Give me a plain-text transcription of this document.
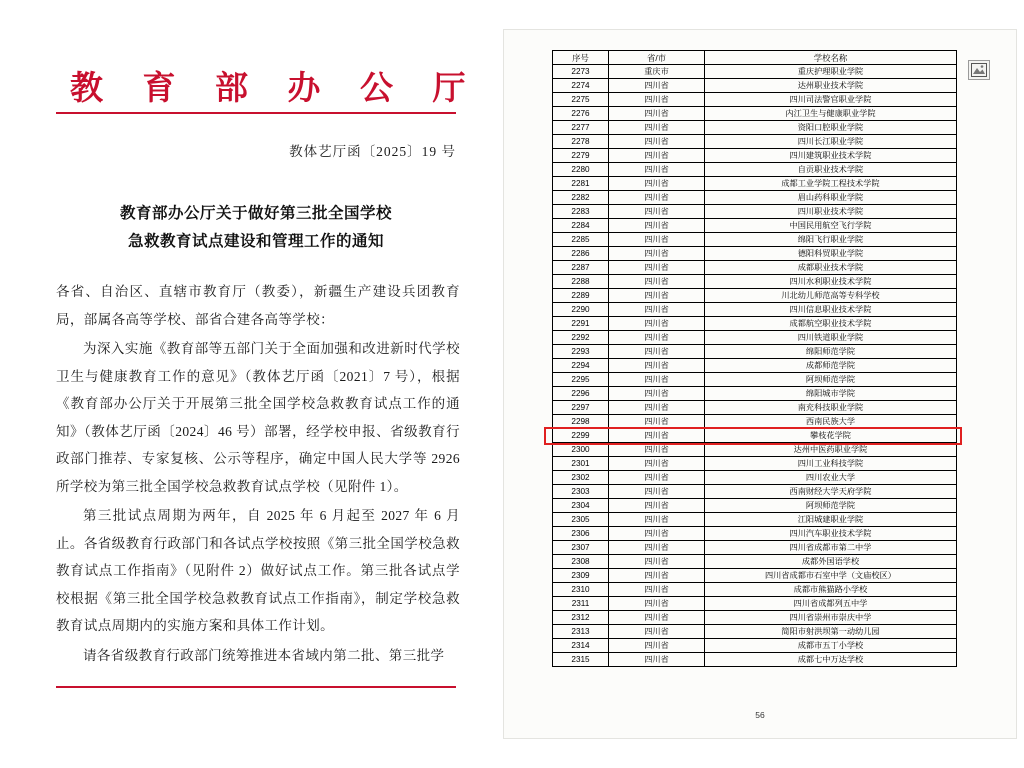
教 育 部 办 公 厅
教体艺厅函〔2025〕19 号
教育部办公厅关于做好第三批全国学校
急救教育试点建设和管理工作的通知

各省、自治区、直辖市教育厅（教委），新疆生产建设兵团教育局，部属各高等学校、部省合建各高等学校：

为深入实施《教育部等五部门关于全面加强和改进新时代学校卫生与健康教育工作的意见》（教体艺厅函〔2021〕7 号），根据《教育部办公厅关于开展第三批全国学校急救教育试点工作的通知》（教体艺厅函〔2024〕46 号）部署，经学校申报、省级教育行政部门推荐、专家复核、公示等程序，确定中国人民大学等 2926 所学校为第三批全国学校急救教育试点学校（见附件 1）。

第三批试点周期为两年，自 2025 年 6 月起至 2027 年 6 月止。各省级教育行政部门和各试点学校按照《第三批全国学校急救教育试点工作指南》（见附件 2）做好试点工作。第三批各试点学校根据《第三批全国学校急救教育试点工作指南》，制定学校急救教育试点周期内的实施方案和具体工作计划。

请各省级教育行政部门统筹推进本省域内第二批、第三批学

序号	省/市	学校名称
2273	重庆市	重庆护理职业学院
2274	四川省	达州职业技术学院
2275	四川省	四川司法警官职业学院
2276	四川省	内江卫生与健康职业学院
2277	四川省	资阳口腔职业学院
2278	四川省	四川长江职业学院
2279	四川省	四川建筑职业技术学院
2280	四川省	自贡职业技术学院
2281	四川省	成都工业学院工程技术学院
2282	四川省	眉山药科职业学院
2283	四川省	四川职业技术学院
2284	四川省	中国民用航空飞行学院
2285	四川省	绵阳飞行职业学院
2286	四川省	德阳科贸职业学院
2287	四川省	成都职业技术学院
2288	四川省	四川水利职业技术学院
2289	四川省	川北幼儿师范高等专科学校
2290	四川省	四川信息职业技术学院
2291	四川省	成都航空职业技术学院
2292	四川省	四川铁道职业学院
2293	四川省	绵阳师范学院
2294	四川省	成都师范学院
2295	四川省	阿坝师范学院
2296	四川省	绵阳城市学院
2297	四川省	南充科技职业学院
2298	四川省	西南民族大学
2299	四川省	攀枝花学院
2300	四川省	达州中医药职业学院
2301	四川省	四川工业科技学院
2302	四川省	四川农业大学
2303	四川省	西南财经大学天府学院
2304	四川省	阿坝师范学院
2305	四川省	江阳城建职业学院
2306	四川省	四川汽车职业技术学院
2307	四川省	四川省成都市第二中学
2308	四川省	成都外国语学校
2309	四川省	四川省成都市石室中学（文庙校区）
2310	四川省	成都市熊猫路小学校
2311	四川省	四川省成都列五中学
2312	四川省	四川省崇州市崇庆中学
2313	四川省	简阳市射洪坝第一动幼儿园
2314	四川省	成都市五丁小学校
2315	四川省	成都七中万达学校
56
